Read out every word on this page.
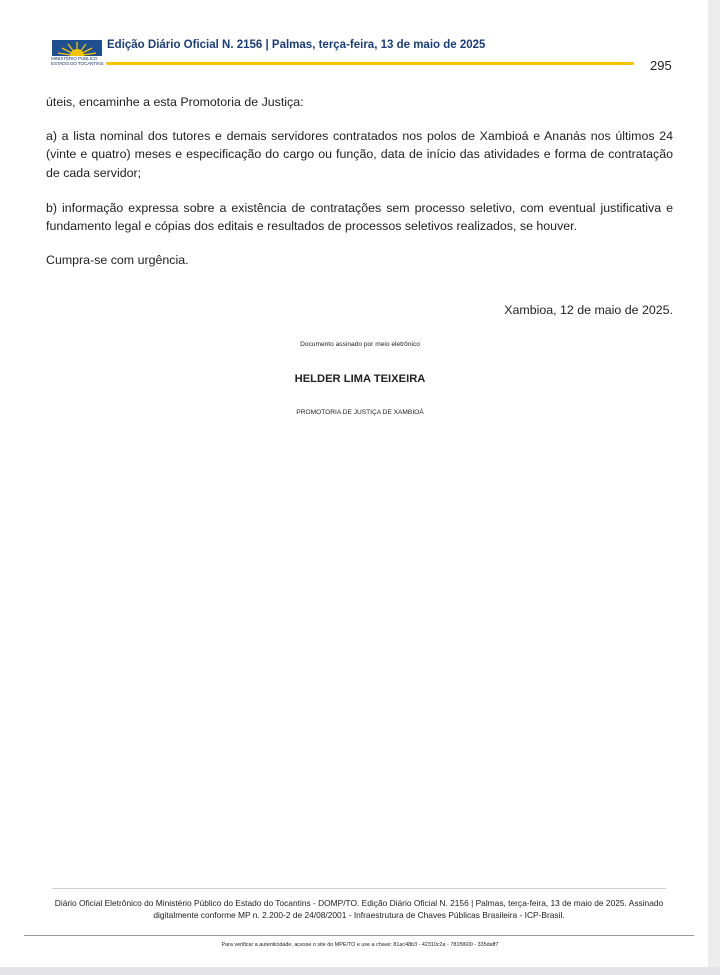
MINISTÉRIO PÚBLICO
ESTADO DO TOCANTINS
Edição Diário Oficial N. 2156 | Palmas, terça-feira, 13 de maio de 2025
295
úteis, encaminhe a esta Promotoria de Justiça:
a) a lista nominal dos tutores e demais servidores contratados nos polos de Xambioá e Ananás nos últimos 24 (vinte e quatro) meses e especificação do cargo ou função, data de início das atividades e forma de contratação de cada servidor;
b) informação expressa sobre a existência de contratações sem processo seletivo, com eventual justificativa e fundamento legal e cópias dos editais e resultados de processos seletivos realizados, se houver.
Cumpra-se com urgência.
Xambioa, 12 de maio de 2025.
Documento assinado por meio eletrônico
HELDER LIMA TEIXEIRA
PROMOTORIA DE JUSTIÇA DE XAMBIOÁ
Diário Oficial Eletrônico do Ministério Público do Estado do Tocantins - DOMP/TO. Edição Diário Oficial N. 2156 | Palmas, terça-feira, 13 de maio de 2025. Assinado digitalmente conforme MP n. 2.200-2 de 24/08/2001 - Infraestrutura de Chaves Públicas Brasileira - ICP-Brasil.
Para verificar a autenticidade, acesse o site do MPE/TO e use a chave: 81ac48b3 - 42310c2a - 781f9600 - 335daff7
